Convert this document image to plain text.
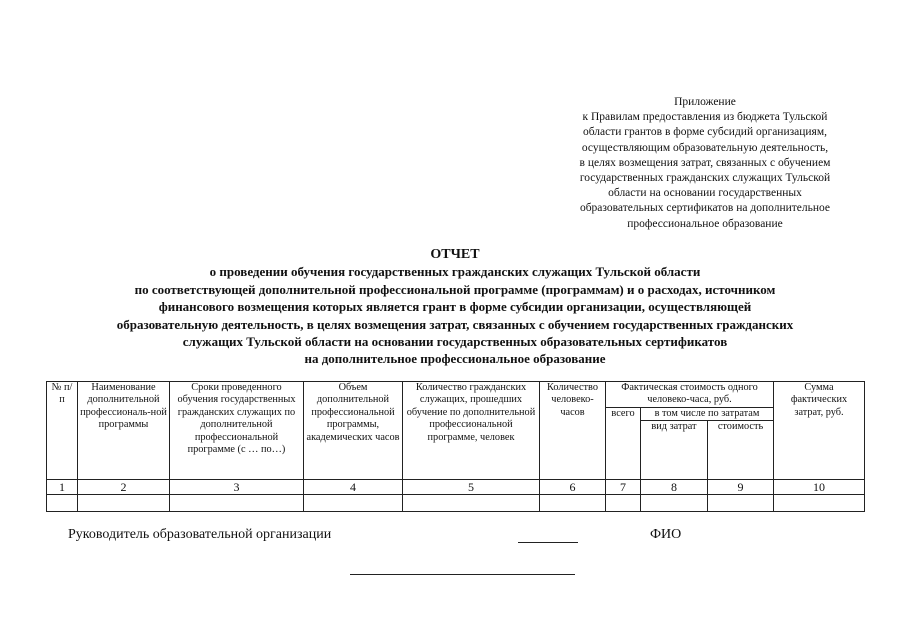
Приложение
к Правилам предоставления из бюджета Тульской
области грантов в форме субсидий организациям,
осуществляющим образовательную деятельность,
в целях возмещения затрат, связанных с обучением
государственных гражданских служащих Тульской
области на основании государственных
образовательных сертификатов на дополнительное
профессиональное образование
ОТЧЕТ
о проведении обучения государственных гражданских служащих Тульской области
по соответствующей дополнительной профессиональной программе (программам) и о расходах, источником
финансового возмещения которых является грант в форме субсидии организации, осуществляющей
образовательную деятельность, в целях возмещения затрат, связанных с обучением государственных гражданских
служащих Тульской области на основании государственных образовательных сертификатов
на дополнительное профессиональное образование
№ п/п	Наименование дополнительной профессиональ-ной программы	Сроки проведенного обучения государственных гражданских служащих по дополнительной профессиональной программе (с … по…)	Объем дополнительной профессиональной программы, академических часов	Количество гражданских служащих, прошедших обучение по дополнительной профессиональной программе, человек	Количество человеко-часов	Фактическая стоимость одного человеко-часа, руб.			Сумма фактических затрат, руб.
						всего	в том числе по затратам		
							вид затрат	стоимость	
1	2	3	4	5	6	7	8	9	10

Руководитель образовательной организации	ФИО
